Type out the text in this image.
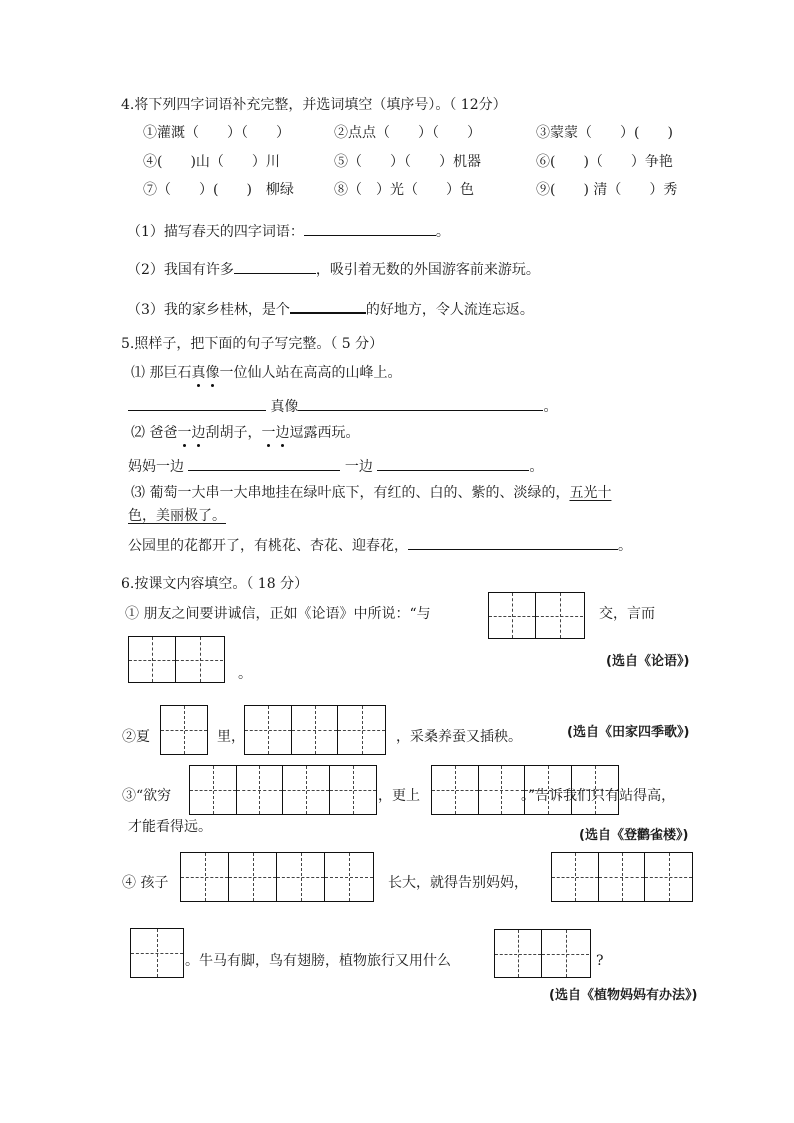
4.将下列四字词语补充完整，并选词填空（填序号）。（ 12分）
①灌溉（　　）（　　）	②点点（　　）（　　）	③蒙蒙（　　）(　　)
④(　　)山（　　）川	⑤（　　）（　　）机器	⑥(　　)（　　）争艳
⑦（　　）(　　)　柳绿	⑧（　）光（　　）色	⑨(　　) 清（　　）秀
（1）描写春天的四字词语：	。
（2）我国有许多	，吸引着无数的外国游客前来游玩。
（3）我的家乡桂林，是个	的好地方，令人流连忘返。
5.照样子，把下面的句子写完整。（ 5 分）
⑴ 那巨石真像一位仙人站在高高的山峰上。
真像	。
⑵ 爸爸一边刮胡子，一边逗露西玩。
妈妈一边	一边	。
⑶ 葡萄一大串一大串地挂在绿叶底下，有红的、白的、紫的、淡绿的，五光十
色，美丽极了。
公园里的花都开了，有桃花、杏花、迎春花，	。
6.按课文内容填空。（ 18 分）
① 朋友之间要讲诚信，正如《论语》中所说：“与	交，言而
。
(选自《论语》)
②夏	里，	，采桑养蚕又插秧。	(选自《田家四季歌》)
③“欲穷	，更上	。”告诉我们只有站得高，
才能看得远。
(选自《登鹳雀楼》)
④ 孩子	长大，就得告别妈妈，
。牛马有脚，鸟有翅膀，植物旅行又用什么	?
(选自《植物妈妈有办法》)
